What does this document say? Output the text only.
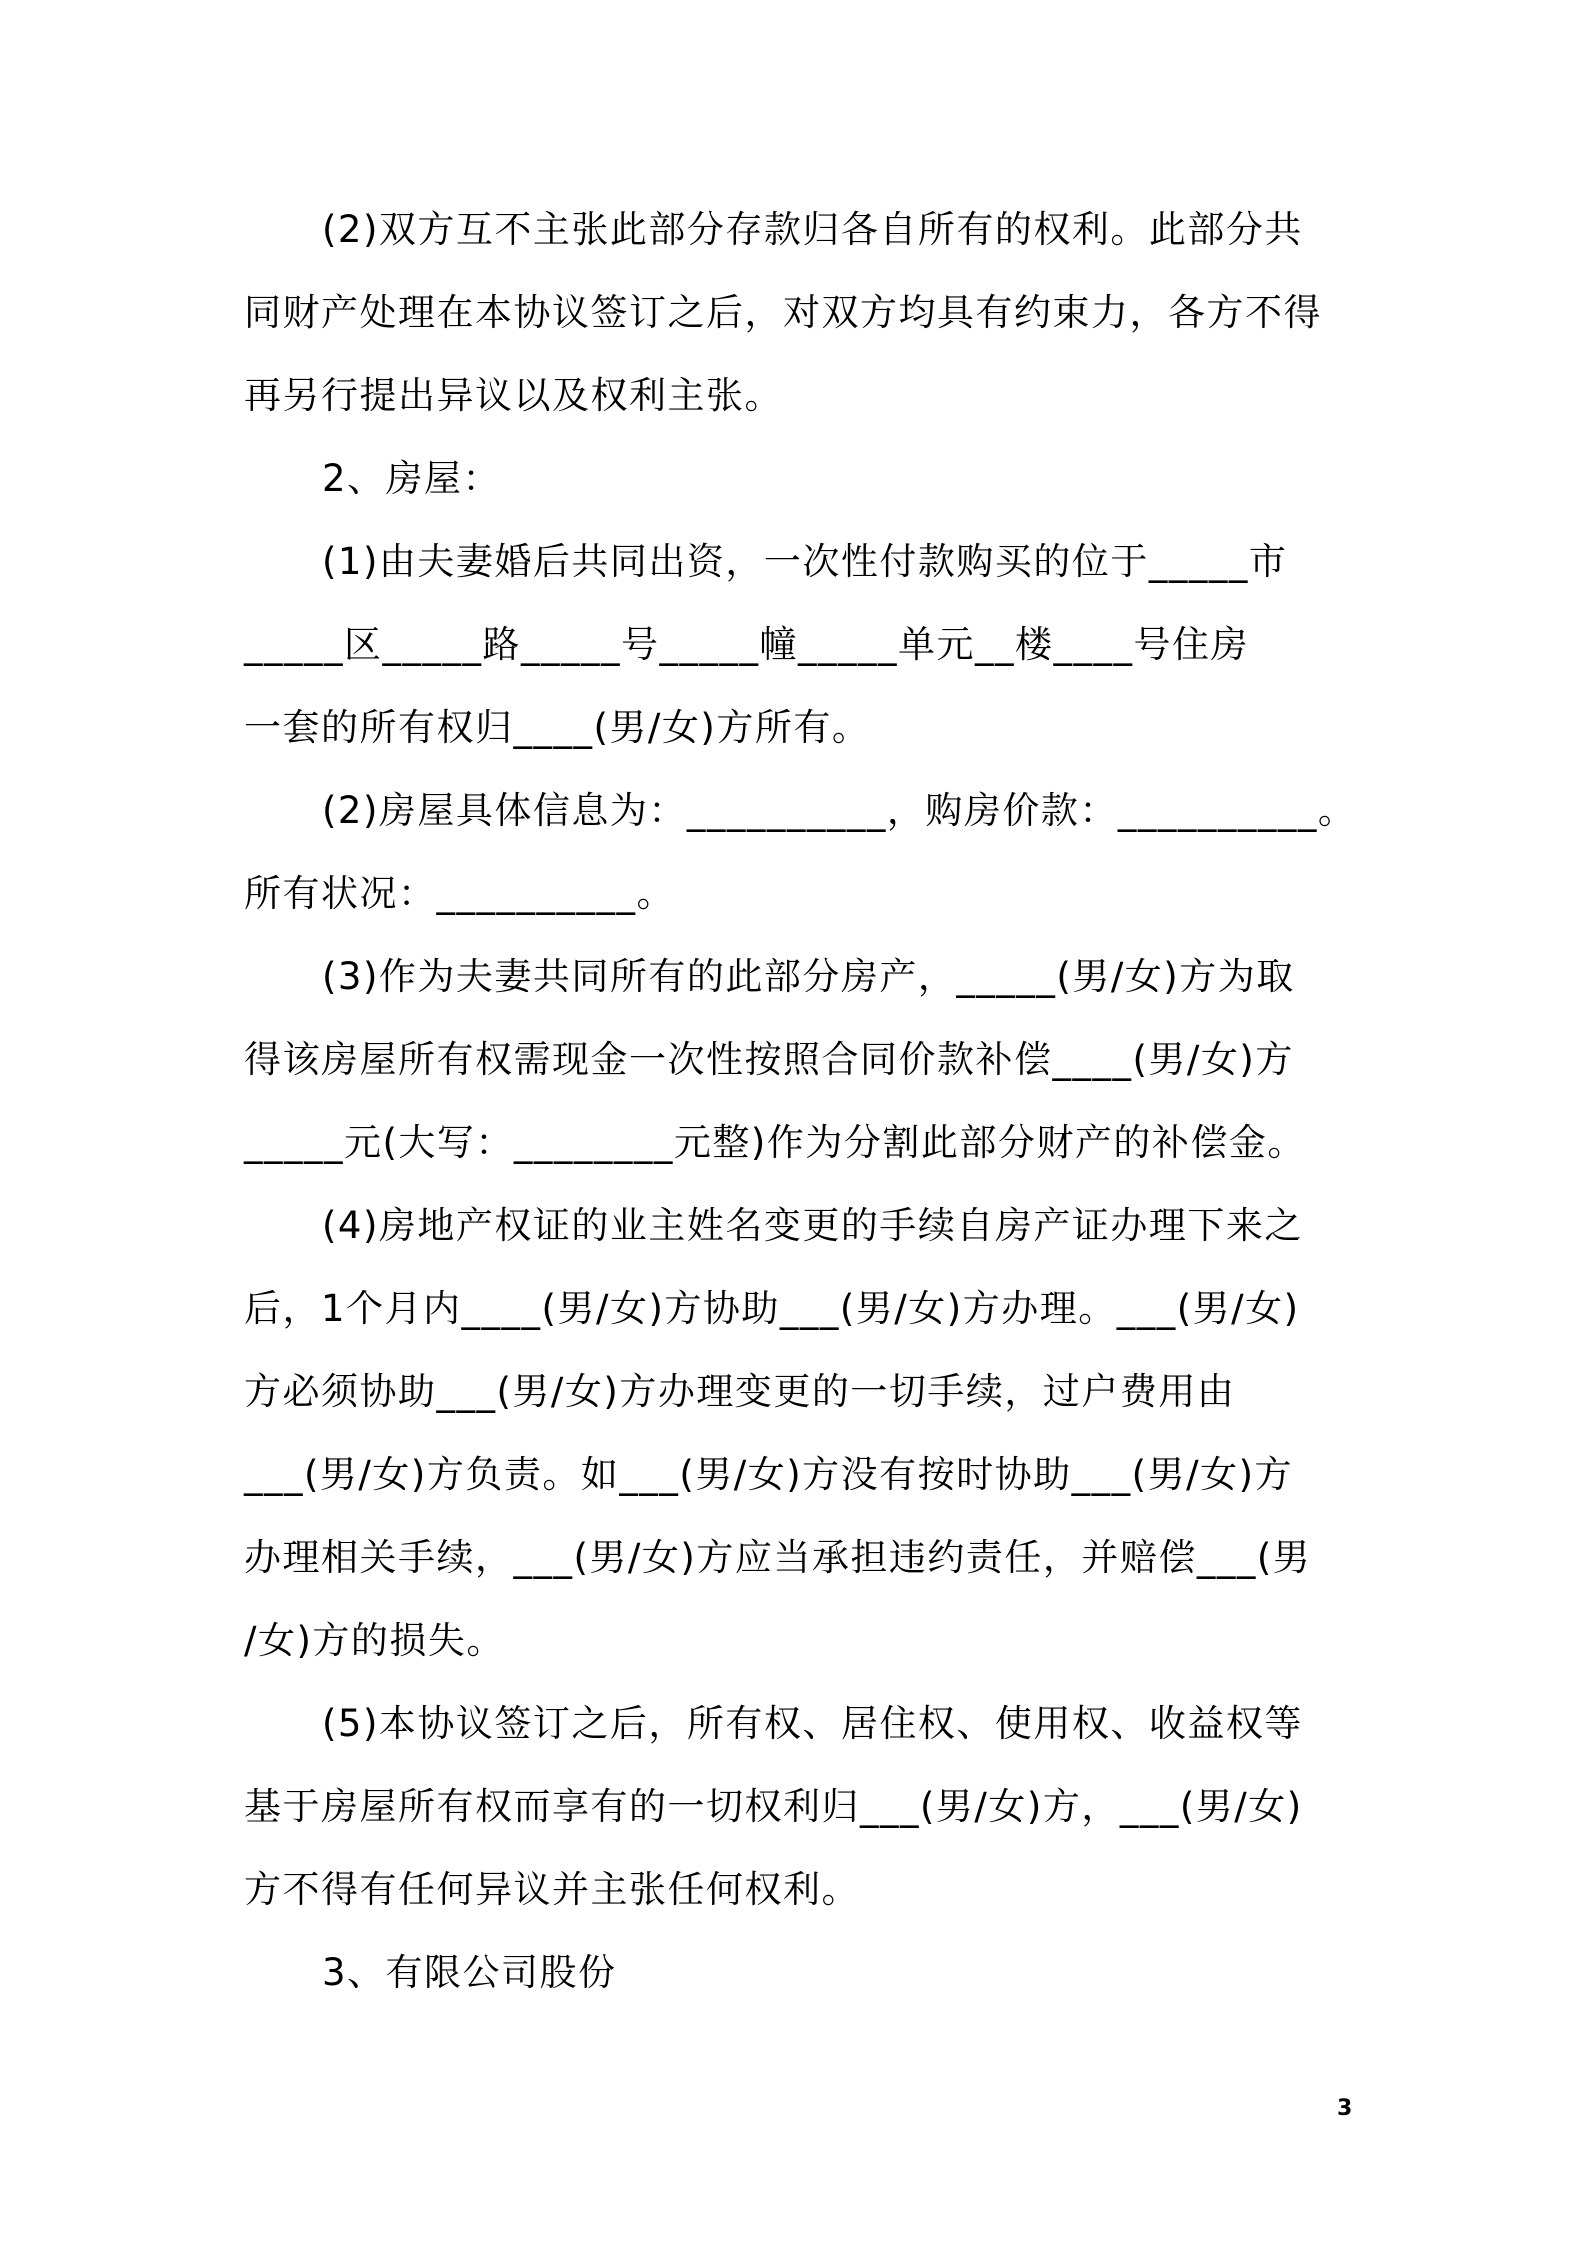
(2)双方互不主张此部分存款归各自所有的权利。此部分共
同财产处理在本协议签订之后，对双方均具有约束力，各方不得
再另行提出异议以及权利主张。
2、房屋：
(1)由夫妻婚后共同出资，一次性付款购买的位于_____市
_____区_____路_____号_____幢_____单元__楼____号住房
一套的所有权归____(男/女)方所有。
(2)房屋具体信息为：__________，购房价款：__________。
所有状况：__________。
(3)作为夫妻共同所有的此部分房产，_____(男/女)方为取
得该房屋所有权需现金一次性按照合同价款补偿____(男/女)方
_____元(大写：________元整)作为分割此部分财产的补偿金。
(4)房地产权证的业主姓名变更的手续自房产证办理下来之
后，1个月内____(男/女)方协助___(男/女)方办理。___(男/女)
方必须协助___(男/女)方办理变更的一切手续，过户费用由
___(男/女)方负责。如___(男/女)方没有按时协助___(男/女)方
办理相关手续，___(男/女)方应当承担违约责任，并赔偿___(男
/女)方的损失。
(5)本协议签订之后，所有权、居住权、使用权、收益权等
基于房屋所有权而享有的一切权利归___(男/女)方，___(男/女)
方不得有任何异议并主张任何权利。
3、有限公司股份
3
